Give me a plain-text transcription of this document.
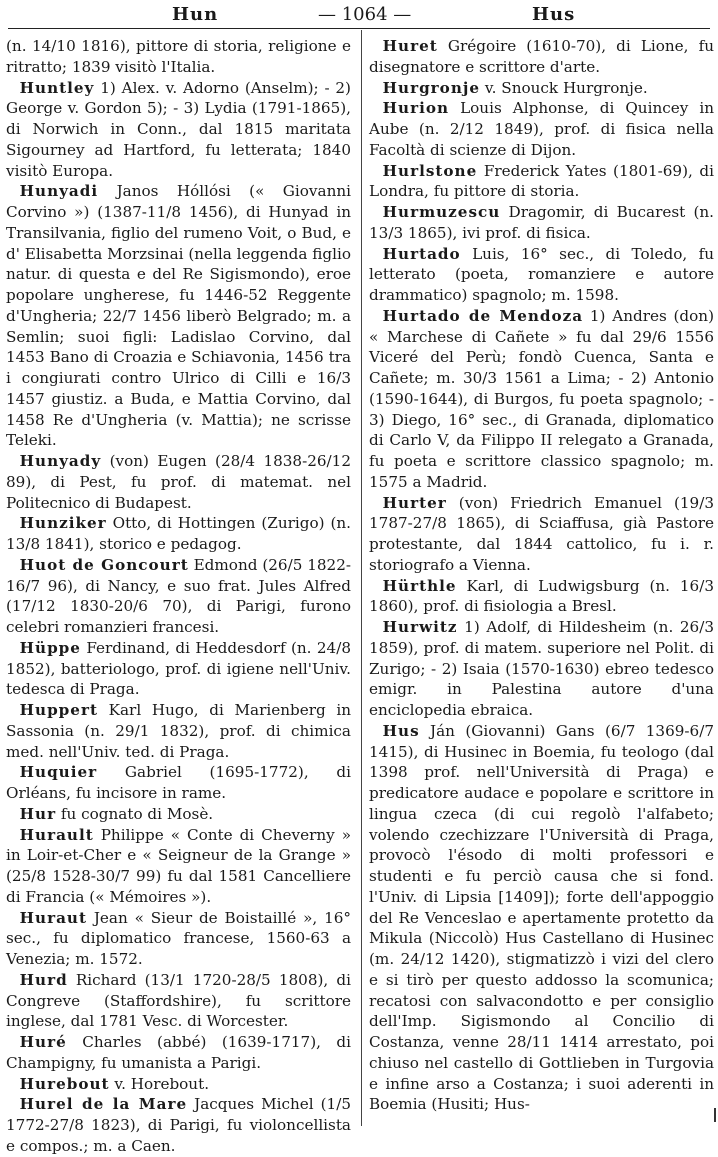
Hun	— 1064 —	Hus

(n. 14/10 1816), pittore di storia, religione e ritratto; 1839 visitò l'Italia.

Huntley 1) Alex. v. Adorno (Anselm); - 2) George v. Gordon 5); - 3) Lydia (1791-1865), di Norwich in Conn., dal 1815 maritata Sigourney ad Hartford, fu letterata; 1840 visitò Europa.

Hunyadi Janos Hóllósi (« Giovanni Corvino ») (1387-11/8 1456), di Hunyad in Transilvania, figlio del rumeno Voit, o Bud, e d' Elisabetta Morzsinai (nella leggenda figlio natur. di questa e del Re Sigismondo), eroe popolare ungherese, fu 1446-52 Reggente d'Ungheria; 22/7 1456 liberò Belgrado; m. a Semlin; suoi figli: Ladislao Corvino, dal 1453 Bano di Croazia e Schiavonia, 1456 tra i congiurati contro Ulrico di Cilli e 16/3 1457 giustiz. a Buda, e Mattia Corvino, dal 1458 Re d'Ungheria (v. Mattia); ne scrisse Teleki.

Hunyady (von) Eugen (28/4 1838-26/12 89), di Pest, fu prof. di matemat. nel Politecnico di Budapest.

Hunziker Otto, di Hottingen (Zurigo) (n. 13/8 1841), storico e pedagog.

Huot de Goncourt Edmond (26/5 1822-16/7 96), di Nancy, e suo frat. Jules Alfred (17/12 1830-20/6 70), di Parigi, furono celebri romanzieri francesi.

Hüppe Ferdinand, di Heddesdorf (n. 24/8 1852), batteriologo, prof. di igiene nell'Univ. tedesca di Praga.

Huppert Karl Hugo, di Marienberg in Sassonia (n. 29/1 1832), prof. di chimica med. nell'Univ. ted. di Praga.

Huquier Gabriel (1695-1772), di Orléans, fu incisore in rame.

Hur fu cognato di Mosè.

Hurault Philippe « Conte di Cheverny » in Loir-et-Cher e « Seigneur de la Grange » (25/8 1528-30/7 99) fu dal 1581 Cancelliere di Francia (« Mémoires »).

Huraut Jean « Sieur de Boistaillé », 16° sec., fu diplomatico francese, 1560-63 a Venezia; m. 1572.

Hurd Richard (13/1 1720-28/5 1808), di Congreve (Staffordshire), fu scrittore inglese, dal 1781 Vesc. di Worcester.

Huré Charles (abbé) (1639-1717), di Champigny, fu umanista a Parigi.

Hurebout v. Horebout.

Hurel de la Mare Jacques Michel (1/5 1772-27/8 1823), di Parigi, fu violoncellista e compos.; m. a Caen.

Huret Grégoire (1610-70), di Lione, fu disegnatore e scrittore d'arte.

Hurgronje v. Snouck Hurgronje.

Hurion Louis Alphonse, di Quincey in Aube (n. 2/12 1849), prof. di fisica nella Facoltà di scienze di Dijon.

Hurlstone Frederick Yates (1801-69), di Londra, fu pittore di storia.

Hurmuzescu Dragomir, di Bucarest (n. 13/3 1865), ivi prof. di fisica.

Hurtado Luis, 16° sec., di Toledo, fu letterato (poeta, romanziere e autore drammatico) spagnolo; m. 1598.

Hurtado de Mendoza 1) Andres (don) « Marchese di Cañete » fu dal 29/6 1556 Viceré del Perù; fondò Cuenca, Santa e Cañete; m. 30/3 1561 a Lima; - 2) Antonio (1590-1644), di Burgos, fu poeta spagnolo; - 3) Diego, 16° sec., di Granada, diplomatico di Carlo V, da Filippo II relegato a Granada, fu poeta e scrittore classico spagnolo; m. 1575 a Madrid.

Hurter (von) Friedrich Emanuel (19/3 1787-27/8 1865), di Sciaffusa, già Pastore protestante, dal 1844 cattolico, fu i. r. storiografo a Vienna.

Hürthle Karl, di Ludwigsburg (n. 16/3 1860), prof. di fisiologia a Bresl.

Hurwitz 1) Adolf, di Hildesheim (n. 26/3 1859), prof. di matem. superiore nel Polit. di Zurigo; - 2) Isaia (1570-1630) ebreo tedesco emigr. in Palestina autore d'una enciclopedia ebraica.

Hus Ján (Giovanni) Gans (6/7 1369-6/7 1415), di Husinec in Boemia, fu teologo (dal 1398 prof. nell'Università di Praga) e predicatore audace e popolare e scrittore in lingua czeca (di cui regolò l'alfabeto; volendo czechizzare l'Università di Praga, provocò l'ésodo di molti professori e studenti e fu perciò causa che si fond. l'Univ. di Lipsia [1409]); forte dell'appoggio del Re Venceslao e apertamente protetto da Mikula (Niccolò) Hus Castellano di Husinec (m. 24/12 1420), stigmatizzò i vizi del clero e si tirò per questo addosso la scomunica; recatosi con salvacondotto e per consiglio dell'Imp. Sigismondo al Concilio di Costanza, venne 28/11 1414 arrestato, poi chiuso nel castello di Gottlieben in Turgovia e infine arso a Costanza; i suoi aderenti in Boemia (Husiti; Hus-
